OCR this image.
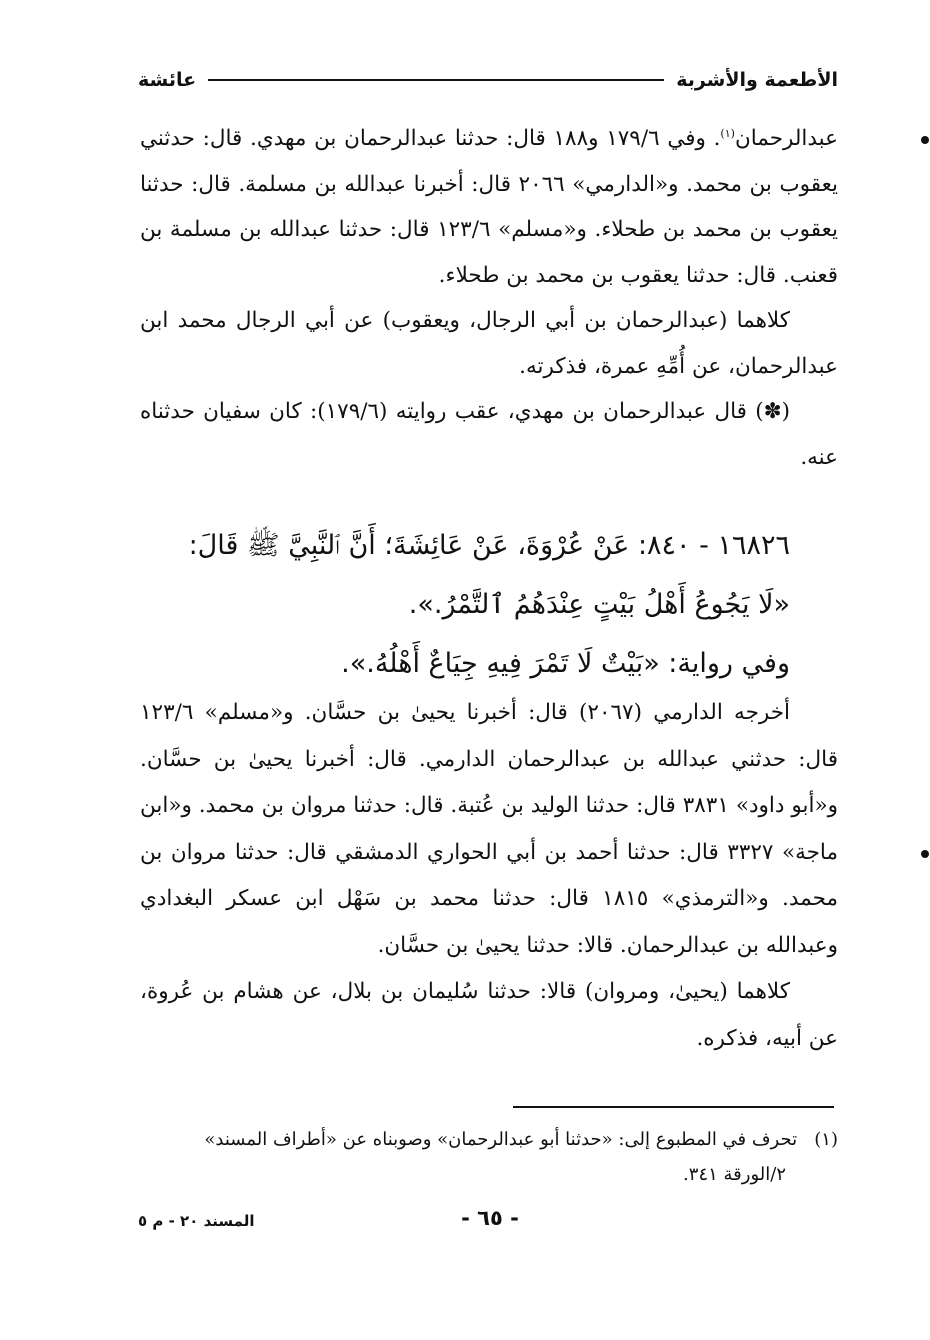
الأطعمة والأشربة
عائشة

عبدالرحمان$^{(١)}$. وفي ١٧٩/٦ و١٨٨ قال: حدثنا عبدالرحمان بن مهدي. قال: حدثني يعقوب بن محمد. و«الدارمي» ٢٠٦٦ قال: أخبرنا عبدالله بن مسلمة. قال: حدثنا يعقوب بن محمد بن طحلاء. و«مسلم» ١٢٣/٦ قال: حدثنا عبدالله بن مسلمة بن قعنب. قال: حدثنا يعقوب بن محمد بن طحلاء.

كلاهما (عبدالرحمان بن أبي الرجال، ويعقوب) عن أبي الرجال محمد ابن عبدالرحمان، عن أُمِّهِ عمرة، فذكرته.

(✽) قال عبدالرحمان بن مهدي، عقب روايته (١٧٩/٦): كان سفيان حدثناه عنه.

١٦٨٢٦ - ٨٤٠: عَنْ عُرْوَةَ، عَنْ عَائِشَةَ؛ أَنَّ ٱلنَّبِيَّ ﷺ قَالَ:

«لَا يَجُوعُ أَهْلُ بَيْتٍ عِنْدَهُمُ ٱلتَّمْرُ.».

وفي رواية: «بَيْتٌ لَا تَمْرَ فِيهِ جِيَاعٌ أَهْلُهُ.».

أخرجه الدارمي (٢٠٦٧) قال: أخبرنا يحيىٰ بن حسَّان. و«مسلم» ١٢٣/٦ قال: حدثني عبدالله بن عبدالرحمان الدارمي. قال: أخبرنا يحيىٰ بن حسَّان. و«أبو داود» ٣٨٣١ قال: حدثنا الوليد بن عُتبة. قال: حدثنا مروان بن محمد. و«ابن ماجة» ٣٣٢٧ قال: حدثنا أحمد بن أبي الحواري الدمشقي قال: حدثنا مروان بن محمد. و«الترمذي» ١٨١٥ قال: حدثنا محمد بن سَهْل ابن عسكر البغدادي وعبدالله بن عبدالرحمان. قالا: حدثنا يحيىٰ بن حسَّان.

كلاهما (يحيىٰ، ومروان) قالا: حدثنا سُليمان بن بلال، عن هشام بن عُروة، عن أبيه، فذكره.

(١)   تحرف في المطبوع إلى: «حدثنا أبو عبدالرحمان» وصوبناه عن «أطراف المسند»
٢/الورقة ٣٤١.
- ٦٥ -
المسند ٢٠ - م ٥
